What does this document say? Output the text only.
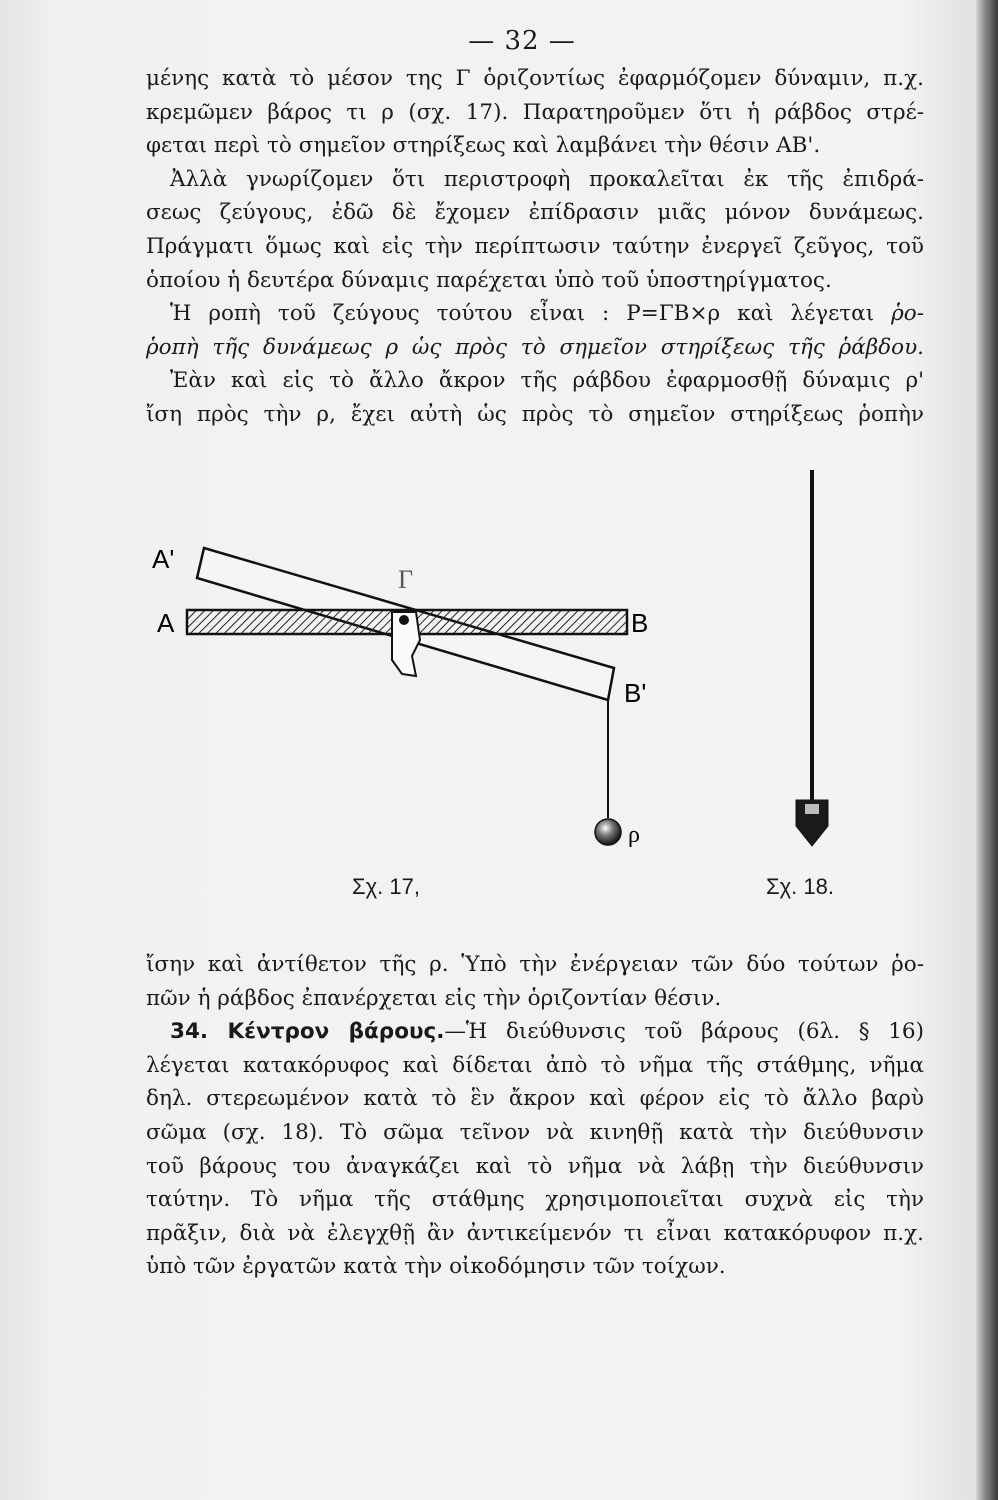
— 32 —
μένης κατὰ τὸ μέσον της Γ ὁριζοντίως ἐφαρμόζομεν δύναμιν, π.χ.
κρεμῶμεν βάρος τι ρ (σχ. 17). Παρατηροῦμεν ὅτι ἡ ράβδος στρέ-
φεται περὶ τὸ σημεῖον στηρίξεως καὶ λαμβάνει τὴν θέσιν ΑΒ'.
Ἀλλὰ γνωρίζομεν ὅτι περιστροφὴ προκαλεῖται ἐκ τῆς ἐπιδρά-
σεως ζεύγους, ἐδῶ δὲ ἔχομεν ἐπίδρασιν μιᾶς μόνον δυνάμεως.
Πράγματι ὅμως καὶ εἰς τὴν περίπτωσιν ταύτην ἐνεργεῖ ζεῦγος, τοῦ
ὁποίου ἡ δευτέρα δύναμις παρέχεται ὑπὸ τοῦ ὑποστηρίγματος.
Ἡ ροπὴ τοῦ ζεύγους τούτου εἶναι : Ρ=ΓΒ×ρ καὶ λέγεται ῥο-
ῥοπὴ τῆς δυνάμεως ρ ὡς πρὸς τὸ σημεῖον στηρίξεως τῆς ῥάβδου.
Ἐὰν καὶ εἰς τὸ ἄλλο ἄκρον τῆς ράβδου ἐφαρμοσθῇ δύναμις ρ'
ἴση πρὸς τὴν ρ, ἔχει αὐτὴ ὡς πρὸς τὸ σημεῖον στηρίξεως ῥοπὴν
Α'
Α	Β
Β'
Γ
ρ
Σχ. 17,	Σχ. 18.
ἴσην καὶ ἀντίθετον τῆς ρ. Ὑπὸ τὴν ἐνέργειαν τῶν δύο τούτων ῥο-
πῶν ἡ ράβδος ἐπανέρχεται εἰς τὴν ὁριζοντίαν θέσιν.
34. Κέντρον βάρους.—Ἡ διεύθυνσις τοῦ βάρους (6λ. § 16)
λέγεται κατακόρυφος καὶ δίδεται ἀπὸ τὸ νῆμα τῆς στάθμης, νῆμα
δηλ. στερεωμένον κατὰ τὸ ἓν ἄκρον καὶ φέρον εἰς τὸ ἄλλο βαρὺ
σῶμα (σχ. 18). Τὸ σῶμα τεῖνον νὰ κινηθῇ κατὰ τὴν διεύθυνσιν
τοῦ βάρους του ἀναγκάζει καὶ τὸ νῆμα νὰ λάβῃ τὴν διεύθυνσιν
ταύτην. Τὸ νῆμα τῆς στάθμης χρησιμοποιεῖται συχνὰ εἰς τὴν
πρᾶξιν, διὰ νὰ ἐλεγχθῇ ἂν ἀντικείμενόν τι εἶναι κατακόρυφον π.χ.
ὑπὸ τῶν ἐργατῶν κατὰ τὴν οἰκοδόμησιν τῶν τοίχων.
